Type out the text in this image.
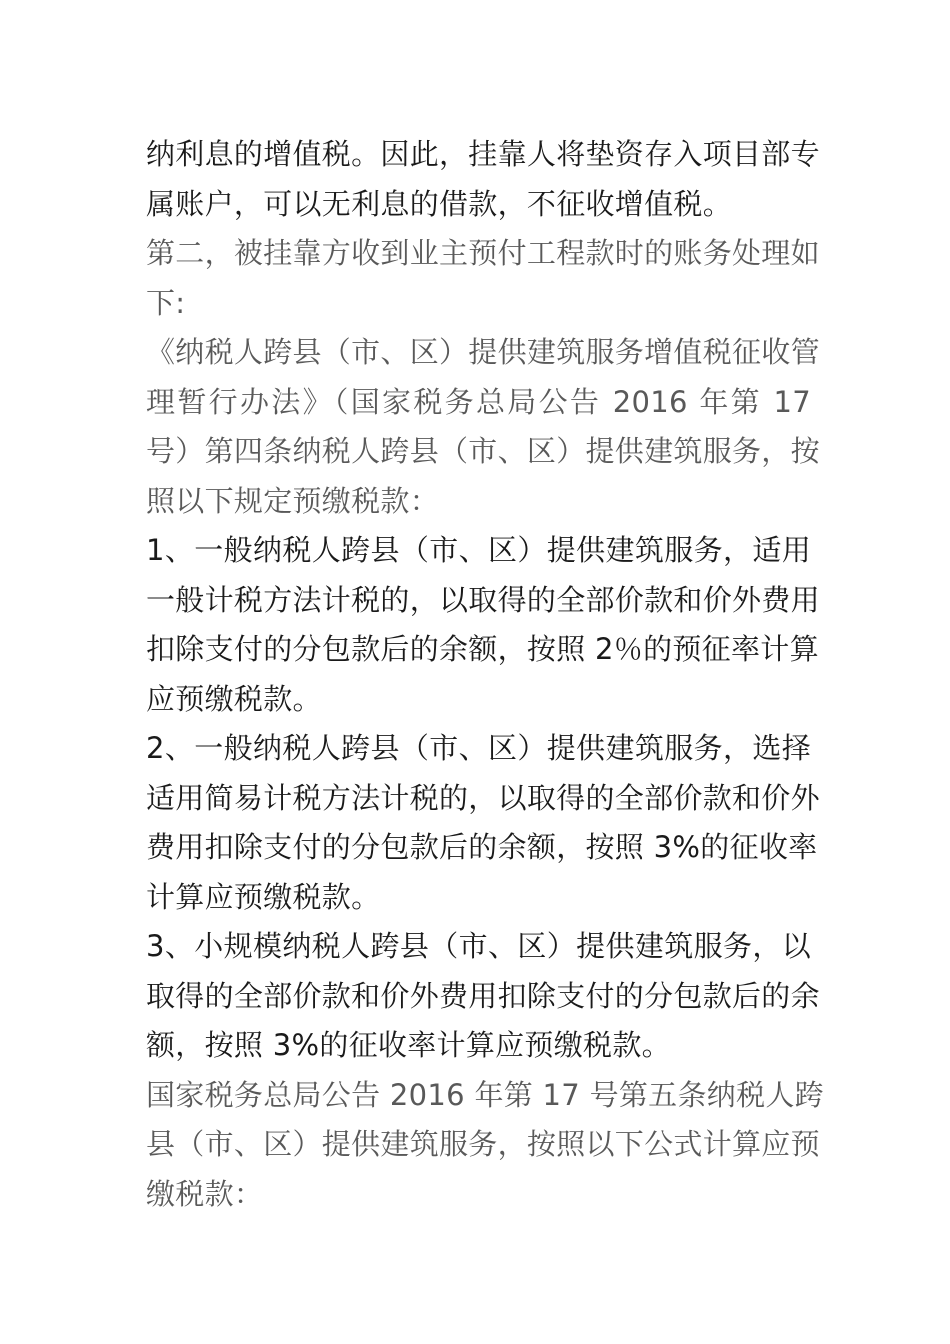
纳利息的增值税。因此，挂靠人将垫资存入项目部专
属账户，可以无利息的借款，不征收增值税。

第二，被挂靠方收到业主预付工程款时的账务处理如
下:

《纳税人跨县（市、区）提供建筑服务增值税征收管
理暂行办法》（国家税务总局公告 2016 年第 17
号）第四条纳税人跨县（市、区）提供建筑服务，按
照以下规定预缴税款：

1、一般纳税人跨县（市、区）提供建筑服务，适用
一般计税方法计税的，以取得的全部价款和价外费用
扣除支付的分包款后的余额，按照 2％的预征率计算
应预缴税款。

2、一般纳税人跨县（市、区）提供建筑服务，选择
适用简易计税方法计税的，以取得的全部价款和价外
费用扣除支付的分包款后的余额，按照 3%的征收率
计算应预缴税款。

3、小规模纳税人跨县（市、区）提供建筑服务，以
取得的全部价款和价外费用扣除支付的分包款后的余
额，按照 3%的征收率计算应预缴税款。

国家税务总局公告 2016 年第 17 号第五条纳税人跨
县（市、区）提供建筑服务，按照以下公式计算应预
缴税款：
